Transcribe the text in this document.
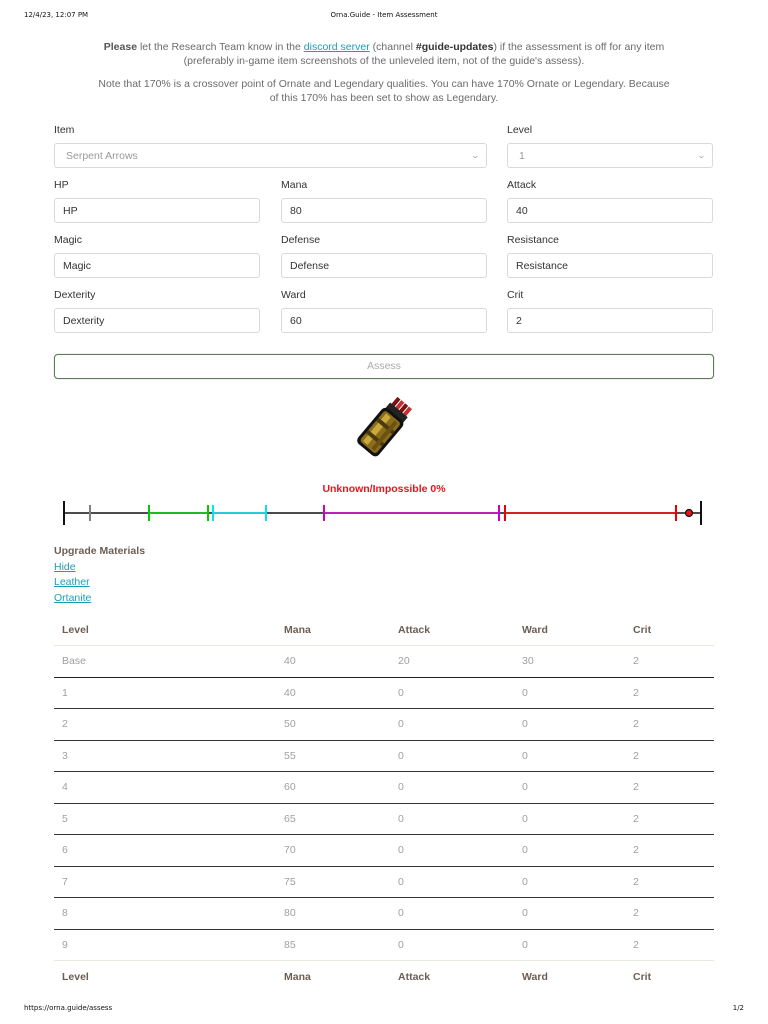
12/4/23, 12:07 PM	Orna.Guide - Item Assessment
Please let the Research Team know in the discord server (channel #guide-updates) if the assessment is off for any item
(preferably in-game item screenshots of the unleveled item, not of the guide's assess).
Note that 170% is a crossover point of Ornate and Legendary qualities. You can have 170% Ornate or Legendary. Because
of this 170% has been set to show as Legendary.
Item
Serpent Arrows	⌄
Level
1	⌄
HP
HP
Mana
80
Attack
40
Magic
Magic
Defense
Defense
Resistance
Resistance
Dexterity
Dexterity
Ward
60
Crit
2
Assess
Unknown/Impossible 0%
Upgrade Materials
Hide
Leather
Ortanite
Level	Mana	Attack	Ward	Crit
Base	40	20	30	2
1	40	0	0	2
2	50	0	0	2
3	55	0	0	2
4	60	0	0	2
5	65	0	0	2
6	70	0	0	2
7	75	0	0	2
8	80	0	0	2
9	85	0	0	2
Level	Mana	Attack	Ward	Crit
https://orna.guide/assess	1/2
